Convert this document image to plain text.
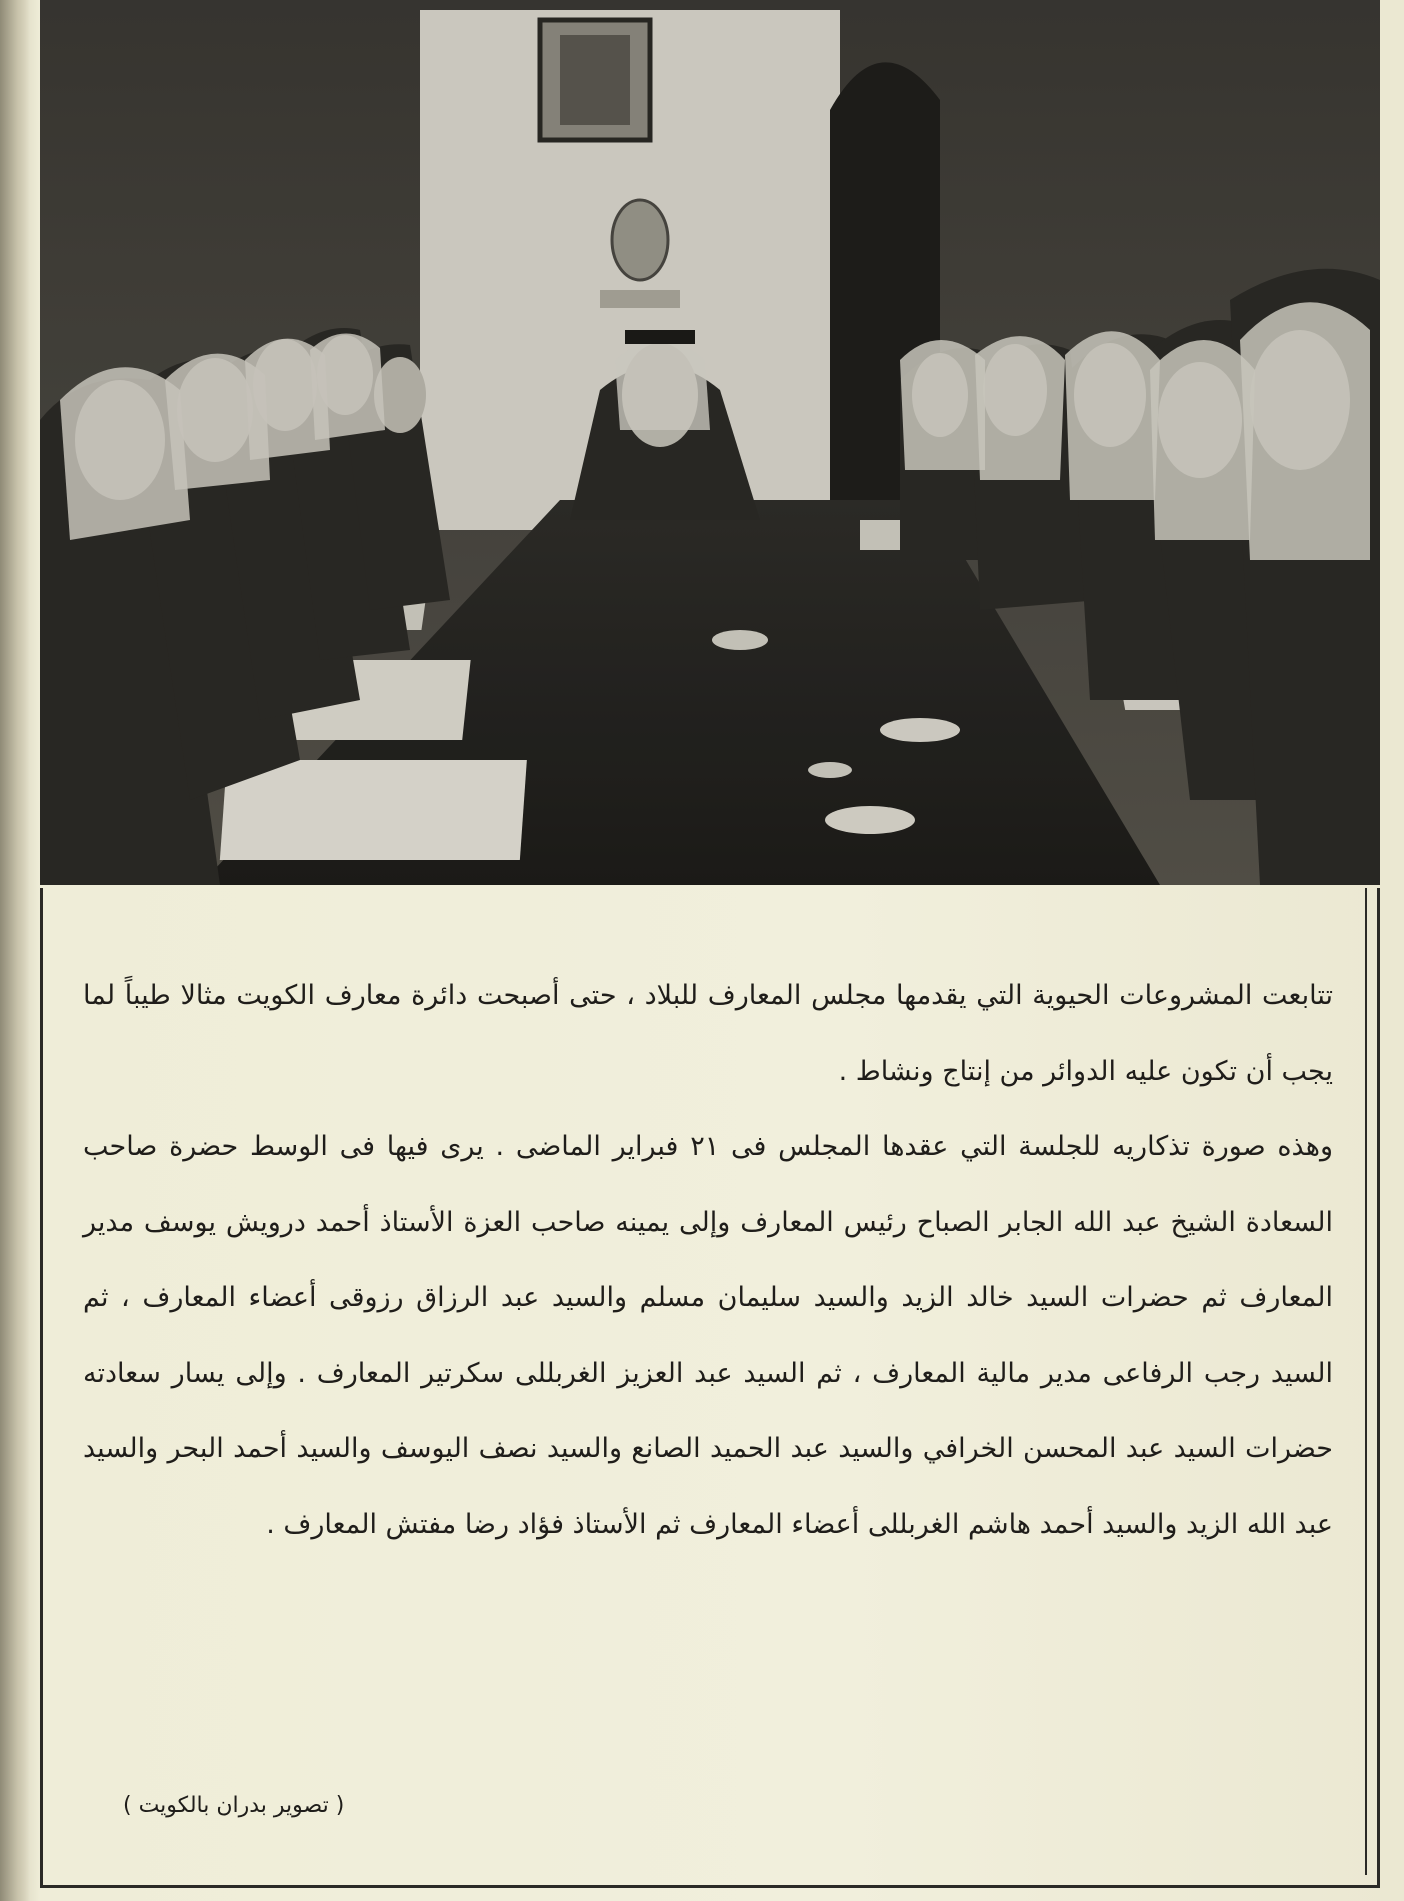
تتابعت المشروعات الحيوية التي يقدمها مجلس المعارف للبلاد ، حتى أصبحت دائرة معارف الكويت مثالا طيباً لما يجب أن تكون عليه الدوائر من إنتاج ونشاط .

وهذه صورة تذكاريه للجلسة التي عقدها المجلس فى ٢١ فبراير الماضى . يرى فيها فى الوسط حضرة صاحب السعادة الشيخ عبد الله الجابر الصباح رئيس المعارف وإلى يمينه صاحب العزة الأستاذ أحمد درويش يوسف مدير المعارف ثم حضرات السيد خالد الزيد والسيد سليمان مسلم والسيد عبد الرزاق رزوقى أعضاء المعارف ، ثم السيد رجب الرفاعى مدير مالية المعارف ، ثم السيد عبد العزيز الغربللى سكرتير المعارف . وإلى يسار سعادته حضرات السيد عبد المحسن الخرافي والسيد عبد الحميد الصانع والسيد نصف اليوسف والسيد أحمد البحر والسيد عبد الله الزيد والسيد أحمد هاشم الغربللى أعضاء المعارف ثم الأستاذ فؤاد رضا مفتش المعارف .

( تصوير بدران بالكويت )
